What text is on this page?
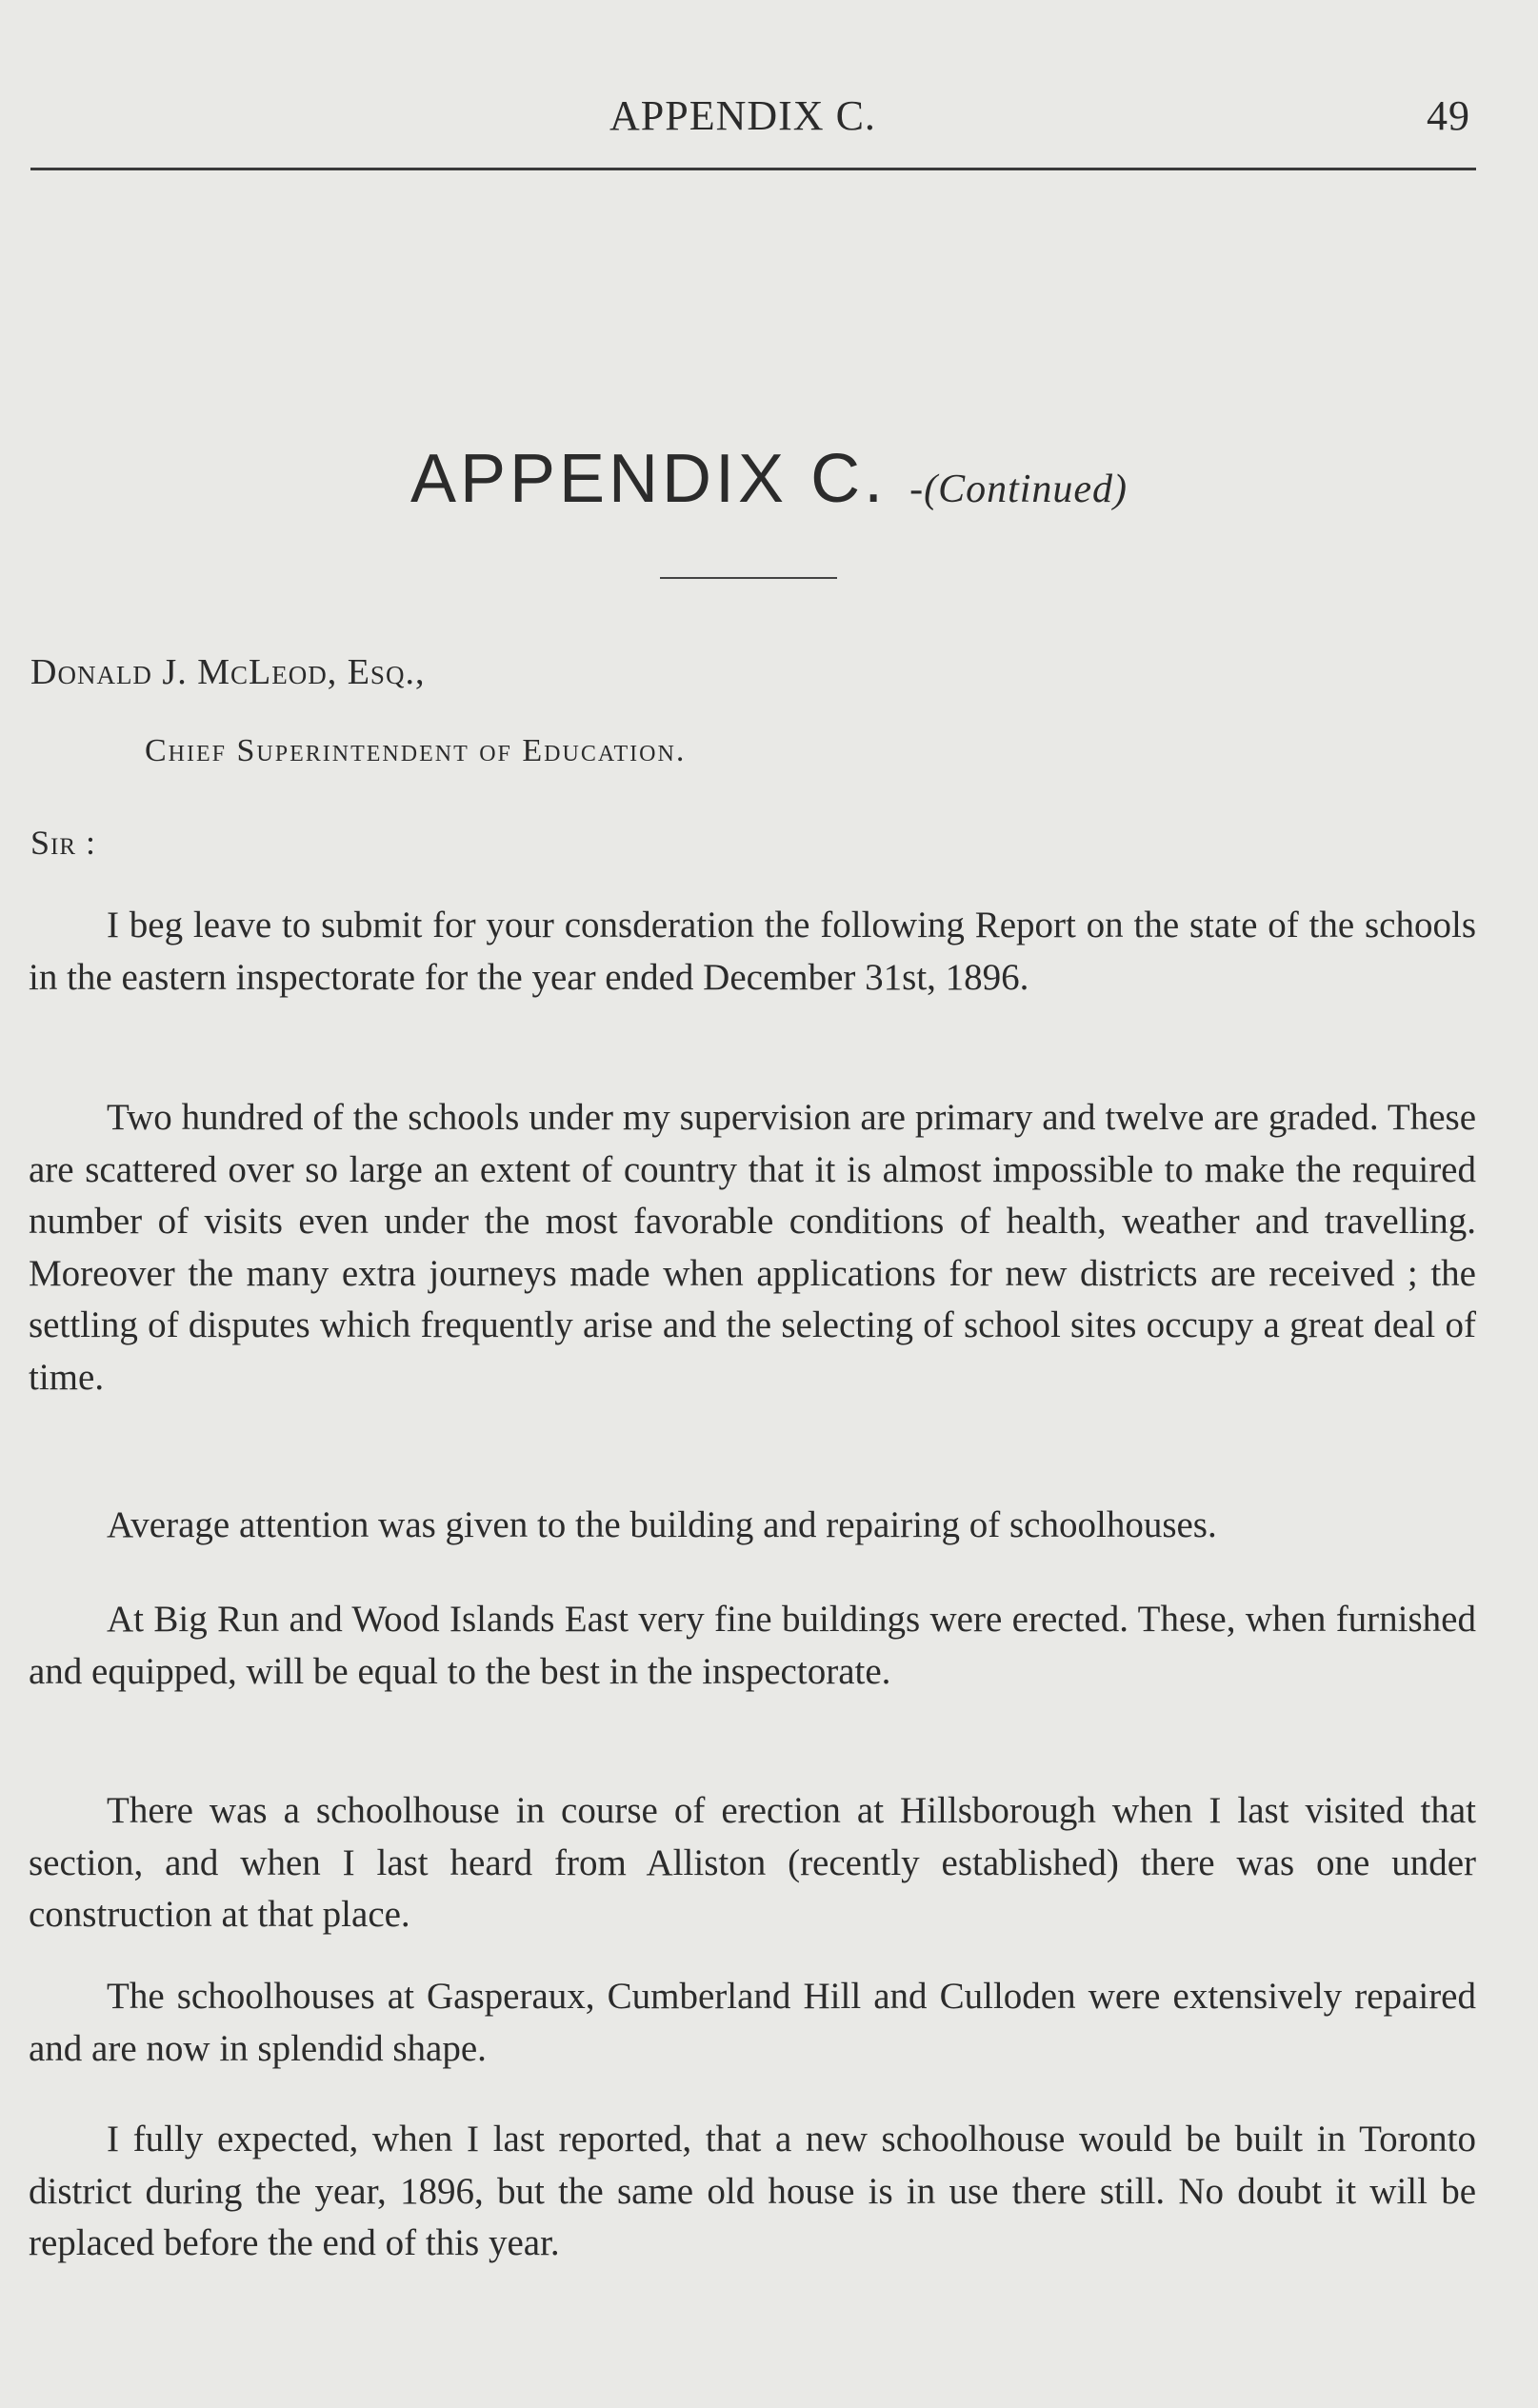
APPENDIX C.	49
APPENDIX C. -(Continued)
Donald J. McLeod, Esq.,
Chief Superintendent of Education.
Sir :

I beg leave to submit for your consderation the following Report on the state of the schools in the eastern inspectorate for the year ended December 31st, 1896.

Two hundred of the schools under my supervision are primary and twelve are graded. These are scattered over so large an extent of country that it is almost impossible to make the required number of visits even under the most favorable conditions of health, weather and travelling. Moreover the many extra journeys made when applications for new districts are received ; the settling of disputes which frequently arise and the selecting of school sites occupy a great deal of time.

Average attention was given to the building and repairing of schoolhouses.

At Big Run and Wood Islands East very fine buildings were erected. These, when furnished and equipped, will be equal to the best in the inspectorate.

There was a schoolhouse in course of erection at Hillsborough when I last visited that section, and when I last heard from Alliston (recently established) there was one under construction at that place.

The schoolhouses at Gasperaux, Cumberland Hill and Culloden were extensively repaired and are now in splendid shape.

I fully expected, when I last reported, that a new schoolhouse would be built in Toronto district during the year, 1896, but the same old house is in use there still. No doubt it will be replaced before the end of this year.
